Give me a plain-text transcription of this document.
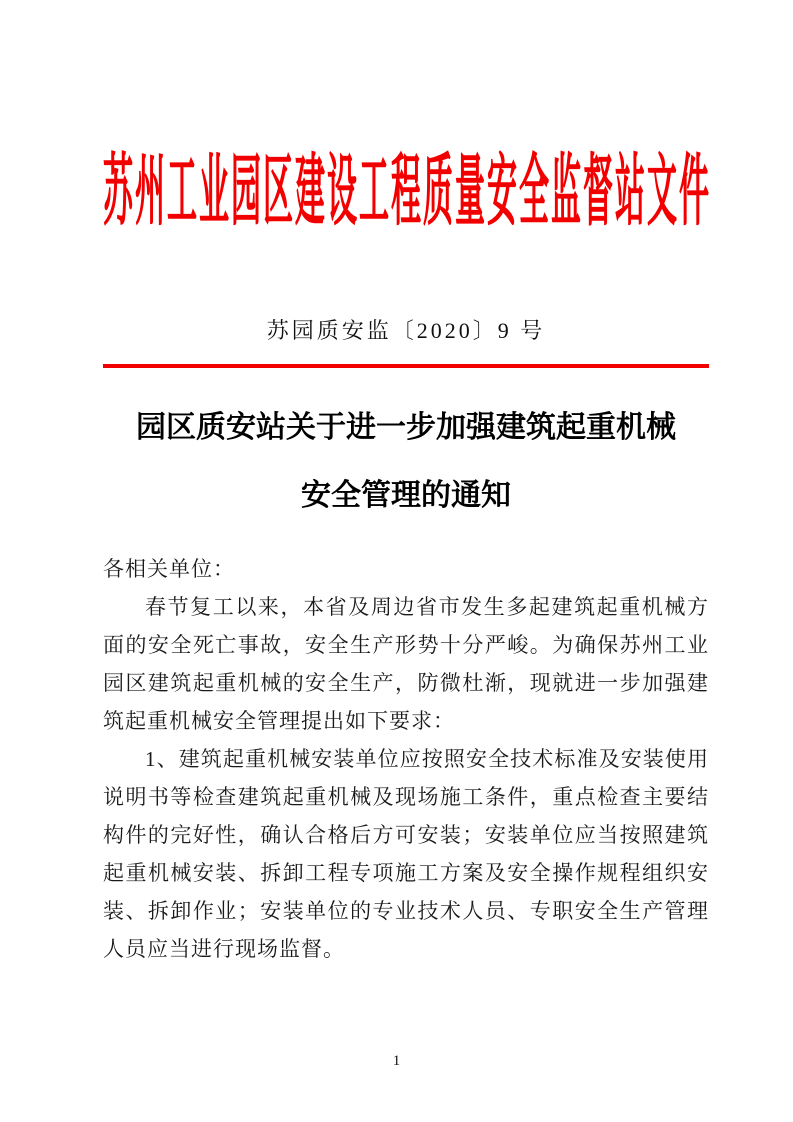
苏 州 工 业 园 区 建 设 工 程 质 量 安 全 监 督 站 文 件
苏园质安监〔2020〕9 号
园区质安站关于进一步加强建筑起重机械
安全管理的通知

各相关单位：

春节复工以来，本省及周边省市发生多起建筑起重机械方面的安全死亡事故，安全生产形势十分严峻。为确保苏州工业园区建筑起重机械的安全生产，防微杜渐，现就进一步加强建筑起重机械安全管理提出如下要求：

1、建筑起重机械安装单位应按照安全技术标准及安装使用说明书等检查建筑起重机械及现场施工条件，重点检查主要结构件的完好性，确认合格后方可安装；安装单位应当按照建筑起重机械安装、拆卸工程专项施工方案及安全操作规程组织安装、拆卸作业；安装单位的专业技术人员、专职安全生产管理人员应当进行现场监督。

1
